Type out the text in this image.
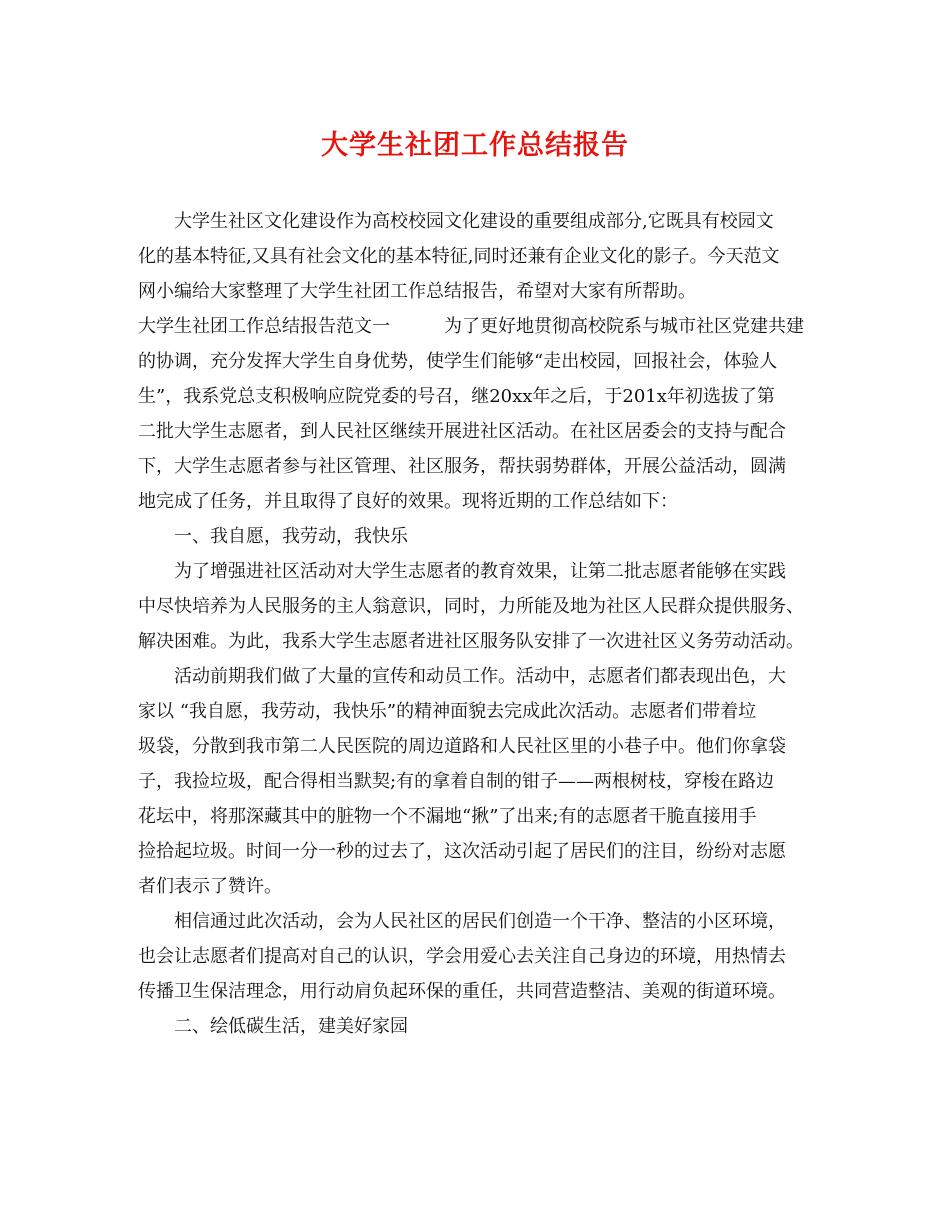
大学生社团工作总结报告
大学生社区文化建设作为高校校园文化建设的重要组成部分,它既具有校园文
化的基本特征,又具有社会文化的基本特征,同时还兼有企业文化的影子。今天范文
网小编给大家整理了大学生社团工作总结报告，希望对大家有所帮助。
大学生社团工作总结报告范文一	为了更好地贯彻高校院系与城市社区党建共建
的协调，充分发挥大学生自身优势，使学生们能够“走出校园，回报社会，体验人
生”，我系党总支积极响应院党委的号召，继20xx年之后，于201x年初选拔了第
二批大学生志愿者，到人民社区继续开展进社区活动。在社区居委会的支持与配合
下，大学生志愿者参与社区管理、社区服务，帮扶弱势群体，开展公益活动，圆满
地完成了任务，并且取得了良好的效果。现将近期的工作总结如下：
一、我自愿，我劳动，我快乐
为了增强进社区活动对大学生志愿者的教育效果，让第二批志愿者能够在实践
中尽快培养为人民服务的主人翁意识，同时，力所能及地为社区人民群众提供服务、
解决困难。为此，我系大学生志愿者进社区服务队安排了一次进社区义务劳动活动。
活动前期我们做了大量的宣传和动员工作。活动中，志愿者们都表现出色，大
家以 “我自愿，我劳动，我快乐”的精神面貌去完成此次活动。志愿者们带着垃
圾袋，分散到我市第二人民医院的周边道路和人民社区里的小巷子中。他们你拿袋
子，我捡垃圾，配合得相当默契;有的拿着自制的钳子——两根树枝，穿梭在路边
花坛中，将那深藏其中的脏物一个不漏地“揪”了出来;有的志愿者干脆直接用手
捡拾起垃圾。时间一分一秒的过去了，这次活动引起了居民们的注目，纷纷对志愿
者们表示了赞许。
相信通过此次活动，会为人民社区的居民们创造一个干净、整洁的小区环境，
也会让志愿者们提高对自己的认识，学会用爱心去关注自己身边的环境，用热情去
传播卫生保洁理念，用行动肩负起环保的重任，共同营造整洁、美观的街道环境。
二、绘低碳生活，建美好家园
